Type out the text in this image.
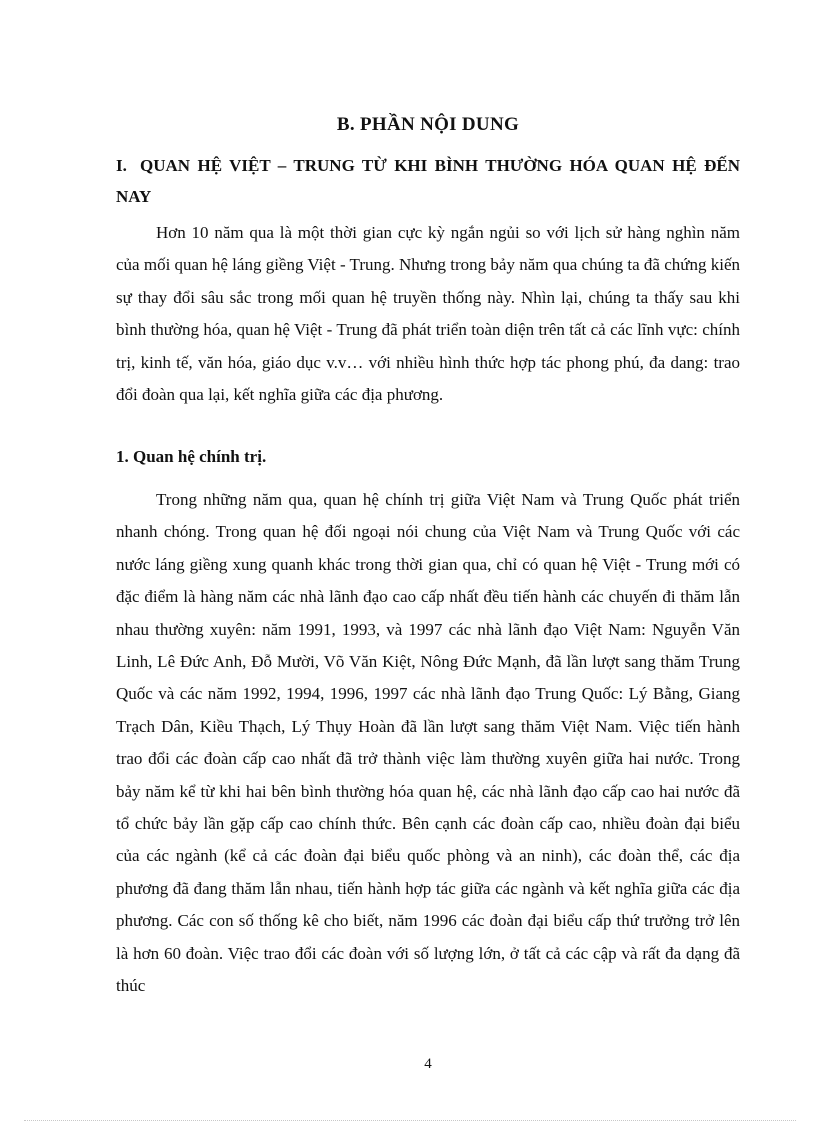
B. PHẦN NỘI DUNG
I. QUAN HỆ VIỆT – TRUNG TỪ KHI BÌNH THƯỜNG HÓA QUAN HỆ ĐẾN NAY

Hơn 10 năm qua là một thời gian cực kỳ ngắn ngủi so với lịch sử hàng nghìn năm của mối quan hệ láng giềng Việt - Trung. Nhưng trong bảy năm qua chúng ta đã chứng kiến sự thay đổi sâu sắc trong mối quan hệ truyền thống này. Nhìn lại, chúng ta thấy sau khi bình thường hóa, quan hệ Việt - Trung đã phát triển toàn diện trên tất cả các lĩnh vực: chính trị, kinh tế, văn hóa, giáo dục v.v… với nhiều hình thức hợp tác phong phú, đa dang: trao đổi đoàn qua lại, kết nghĩa giữa các địa phương.

1. Quan hệ chính trị.

Trong những năm qua, quan hệ chính trị giữa Việt Nam và Trung Quốc phát triển nhanh chóng. Trong quan hệ đối ngoại nói chung của Việt Nam và Trung Quốc với các nước láng giềng xung quanh khác trong thời gian qua, chỉ có quan hệ Việt - Trung mới có đặc điểm là hàng năm các nhà lãnh đạo cao cấp nhất đều tiến hành các chuyến đi thăm lẫn nhau thường xuyên: năm 1991, 1993, và 1997 các nhà lãnh đạo Việt Nam: Nguyễn Văn Linh, Lê Đức Anh, Đỗ Mười, Võ Văn Kiệt, Nông Đức Mạnh, đã lần lượt sang thăm Trung Quốc và các năm 1992, 1994, 1996, 1997 các nhà lãnh đạo Trung Quốc: Lý Bằng, Giang Trạch Dân, Kiều Thạch, Lý Thụy Hoàn đã lần lượt sang thăm Việt Nam. Việc tiến hành trao đổi các đoàn cấp cao nhất đã trở thành việc làm thường xuyên giữa hai nước. Trong bảy năm kể từ khi hai bên bình thường hóa quan hệ, các nhà lãnh đạo cấp cao hai nước đã tổ chức bảy lần gặp cấp cao chính thức. Bên cạnh các đoàn cấp cao, nhiều đoàn đại biểu của các ngành (kể cả các đoàn đại biểu quốc phòng và an ninh), các đoàn thể, các địa phương đã đang thăm lẫn nhau, tiến hành hợp tác giữa các ngành và kết nghĩa giữa các địa phương. Các con số thống kê cho biết, năm 1996 các đoàn đại biểu cấp thứ trưởng trở lên là hơn 60 đoàn. Việc trao đổi các đoàn với số lượng lớn, ở tất cả các cập và rất đa dạng đã thúc

4
